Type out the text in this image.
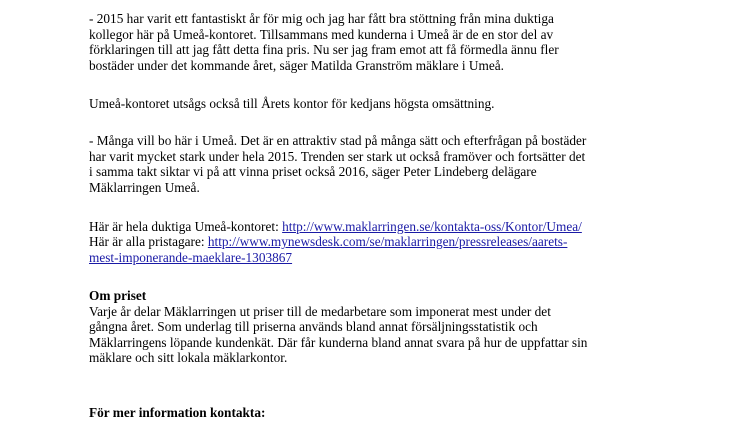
- 2015 har varit ett fantastiskt år för mig och jag har fått bra stöttning från mina duktiga
kollegor här på Umeå-kontoret. Tillsammans med kunderna i Umeå är de en stor del av
förklaringen till att jag fått detta fina pris. Nu ser jag fram emot att få förmedla ännu fler
bostäder under det kommande året, säger Matilda Granström mäklare i Umeå.
Umeå-kontoret utsågs också till Årets kontor för kedjans högsta omsättning.
- Många vill bo här i Umeå. Det är en attraktiv stad på många sätt och efterfrågan på bostäder
har varit mycket stark under hela 2015. Trenden ser stark ut också framöver och fortsätter det
i samma takt siktar vi på att vinna priset också 2016, säger Peter Lindeberg delägare
Mäklarringen Umeå.
Här är hela duktiga Umeå-kontoret: http://www.maklarringen.se/kontakta-oss/Kontor/Umea/
Här är alla pristagare: http://www.mynewsdesk.com/se/maklarringen/pressreleases/aarets-
mest-imponerande-maeklare-1303867
Om priset
Varje år delar Mäklarringen ut priser till de medarbetare som imponerat mest under det
gångna året. Som underlag till priserna används bland annat försäljningsstatistik och
Mäklarringens löpande kundenkät. Där får kunderna bland annat svara på hur de uppfattar sin
mäklare och sitt lokala mäklarkontor.
För mer information kontakta:
